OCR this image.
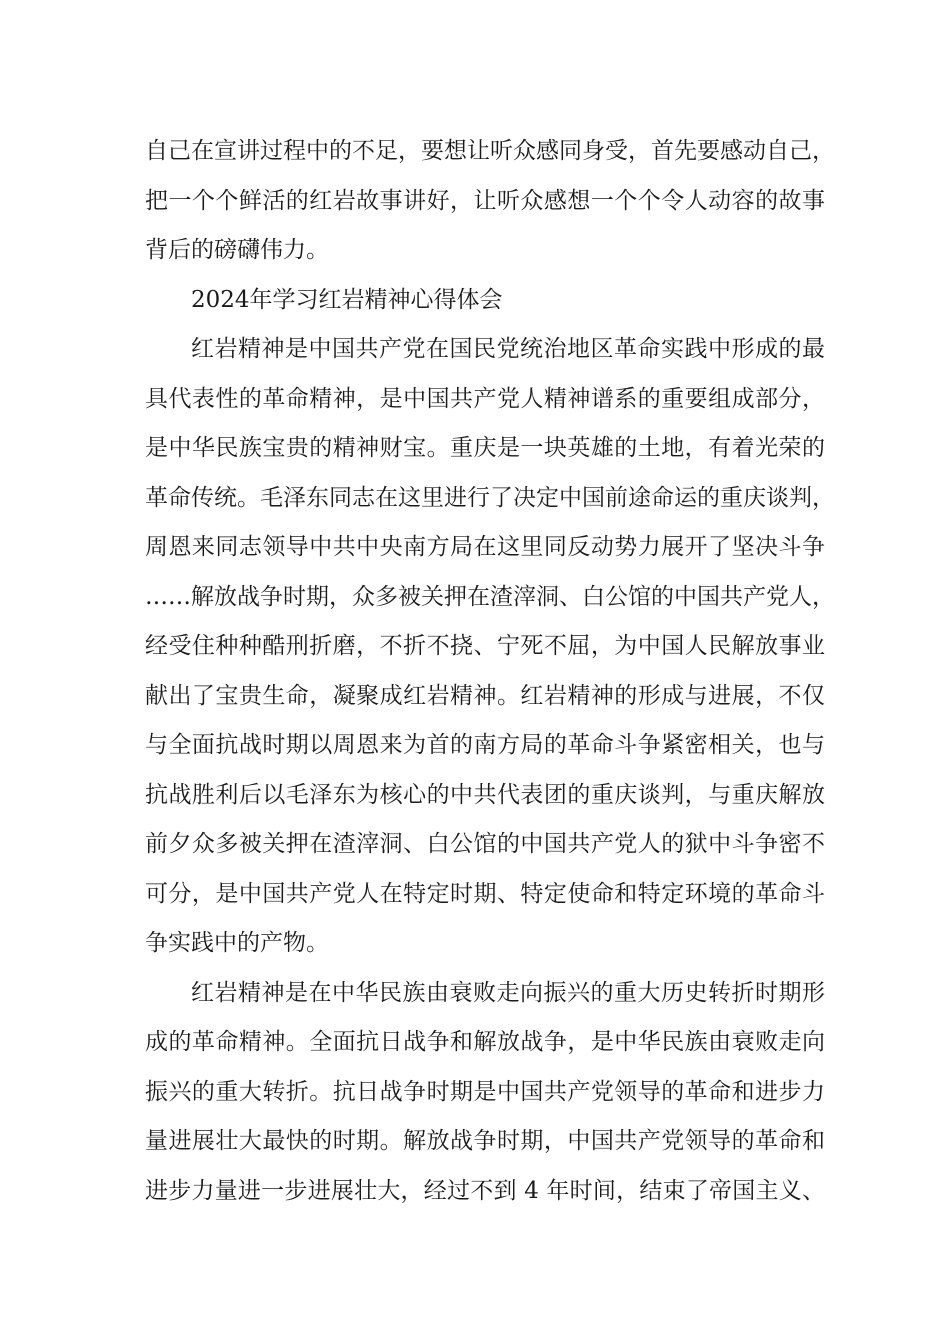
自己在宣讲过程中的不足，要想让听众感同身受，首先要感动自己，
把一个个鲜活的红岩故事讲好，让听众感想一个个令人动容的故事
背后的磅礴伟力。
2024年学习红岩精神心得体会
红岩精神是中国共产党在国民党统治地区革命实践中形成的最
具代表性的革命精神，是中国共产党人精神谱系的重要组成部分，
是中华民族宝贵的精神财宝。重庆是一块英雄的土地，有着光荣的
革命传统。毛泽东同志在这里进行了决定中国前途命运的重庆谈判，
周恩来同志领导中共中央南方局在这里同反动势力展开了坚决斗争
……解放战争时期，众多被关押在渣滓洞、白公馆的中国共产党人，
经受住种种酷刑折磨，不折不挠、宁死不屈，为中国人民解放事业
献出了宝贵生命，凝聚成红岩精神。红岩精神的形成与进展，不仅
与全面抗战时期以周恩来为首的南方局的革命斗争紧密相关，也与
抗战胜利后以毛泽东为核心的中共代表团的重庆谈判，与重庆解放
前夕众多被关押在渣滓洞、白公馆的中国共产党人的狱中斗争密不
可分，是中国共产党人在特定时期、特定使命和特定环境的革命斗
争实践中的产物。
红岩精神是在中华民族由衰败走向振兴的重大历史转折时期形
成的革命精神。全面抗日战争和解放战争，是中华民族由衰败走向
振兴的重大转折。抗日战争时期是中国共产党领导的革命和进步力
量进展壮大最快的时期。解放战争时期，中国共产党领导的革命和
进步力量进一步进展壮大，经过不到 4 年时间，结束了帝国主义、
